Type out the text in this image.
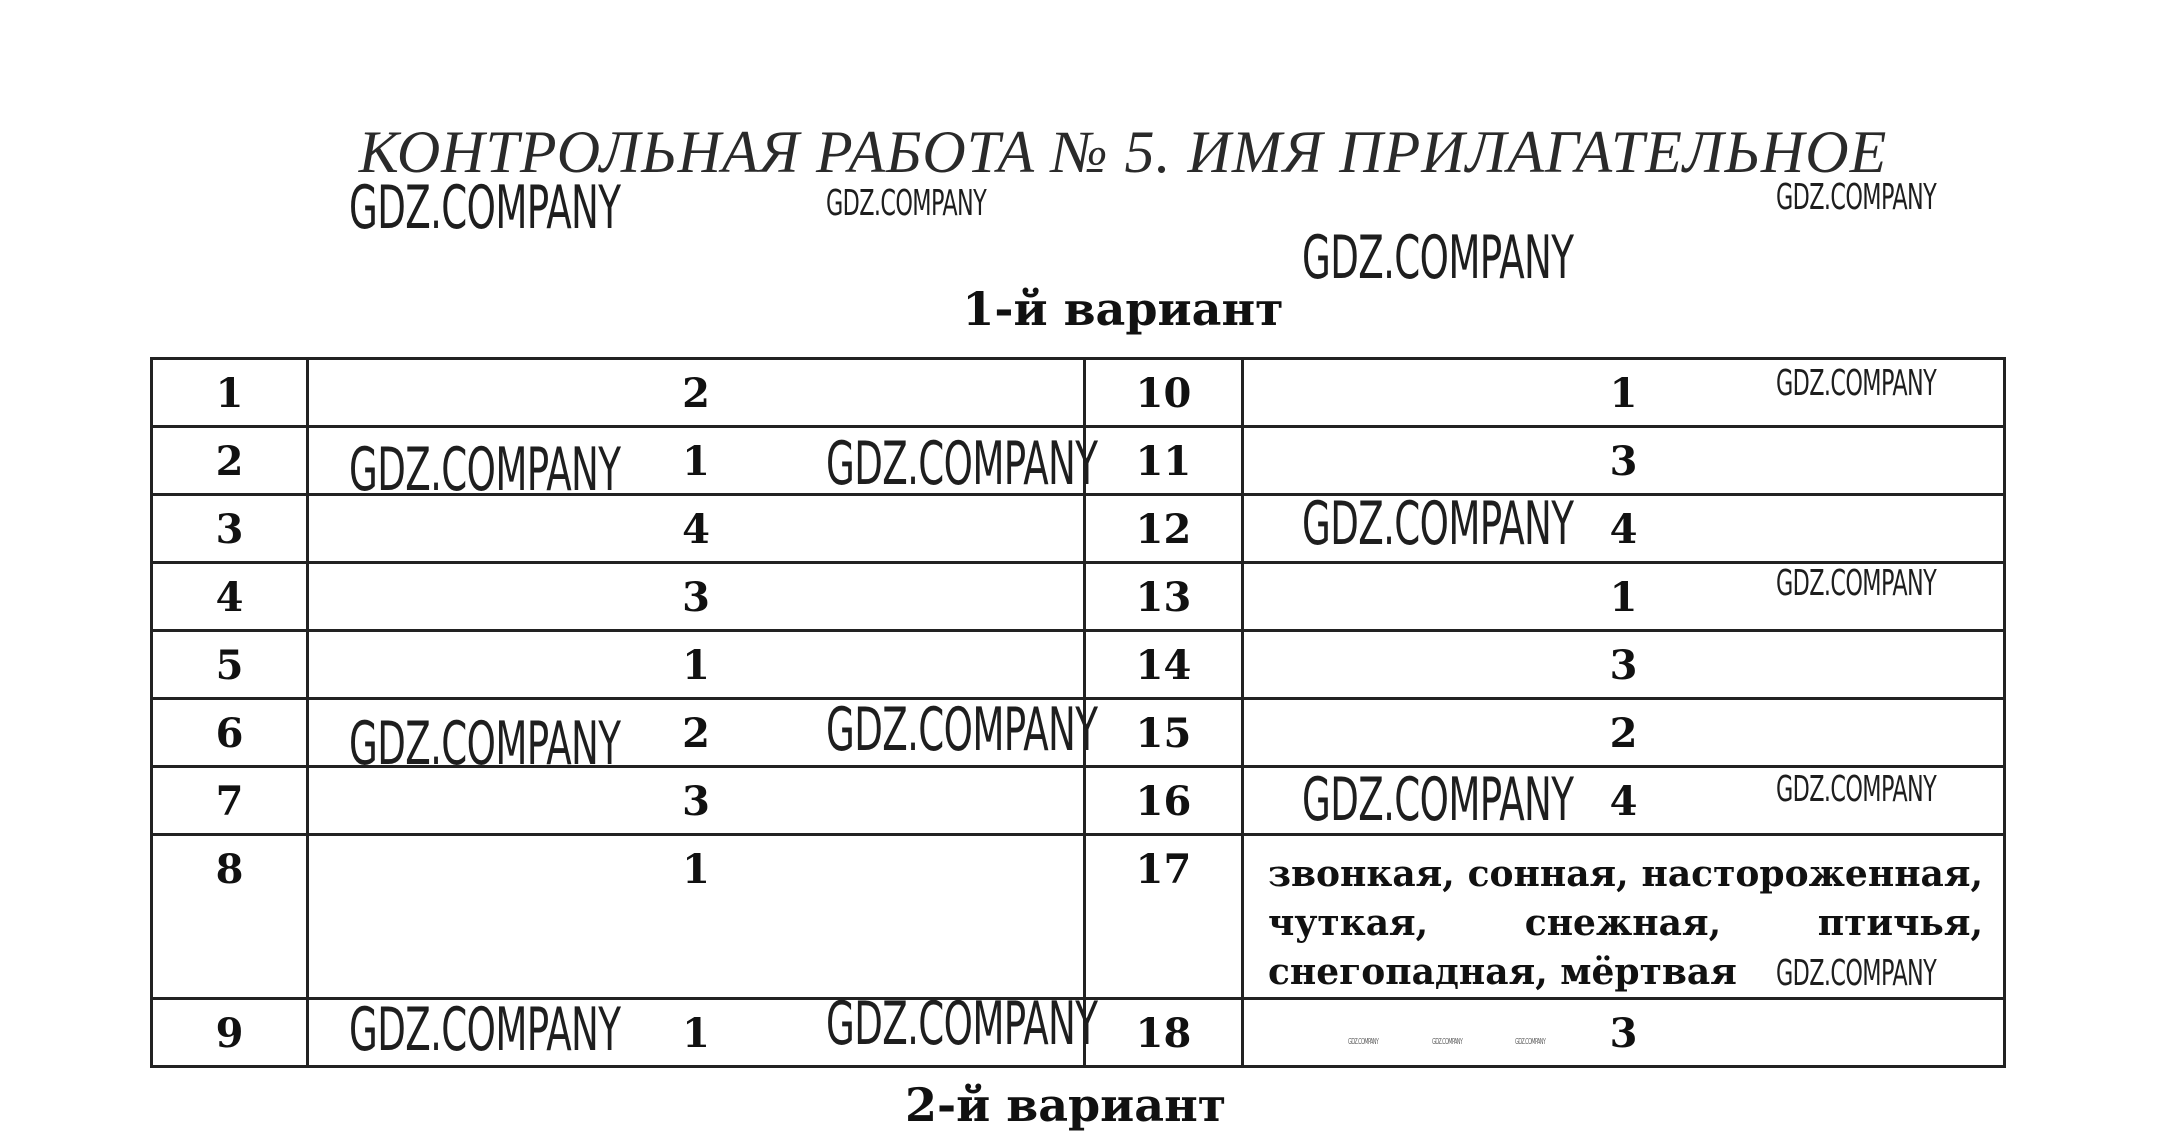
КОНТРОЛЬНАЯ РАБОТА № 5. ИМЯ ПРИЛАГАТЕЛЬНОЕ
1-й вариант
1	2	10	1

2	1	11	3

3	4	12	4

4	3	13	1

5	1	14	3

6	2	15	2

7	3	16	4

8	1	17	звонкая, сонная, настороженная, чуткая, снежная, птичья, снегопадная, мёртвая

9	1	18	3
2-й вариант
GDZ.COMPANY	GDZ.COMPANY	GDZ.COMPANY
GDZ.COMPANY
GDZ.COMPANY
GDZ.COMPANY	GDZ.COMPANY
GDZ.COMPANY
GDZ.COMPANY
GDZ.COMPANY	GDZ.COMPANY
GDZ.COMPANY	GDZ.COMPANY
GDZ.COMPANY
GDZ.COMPANY	GDZ.COMPANY	GDZ.COMPANY	GDZ.COMPANY	GDZ.COMPANY
